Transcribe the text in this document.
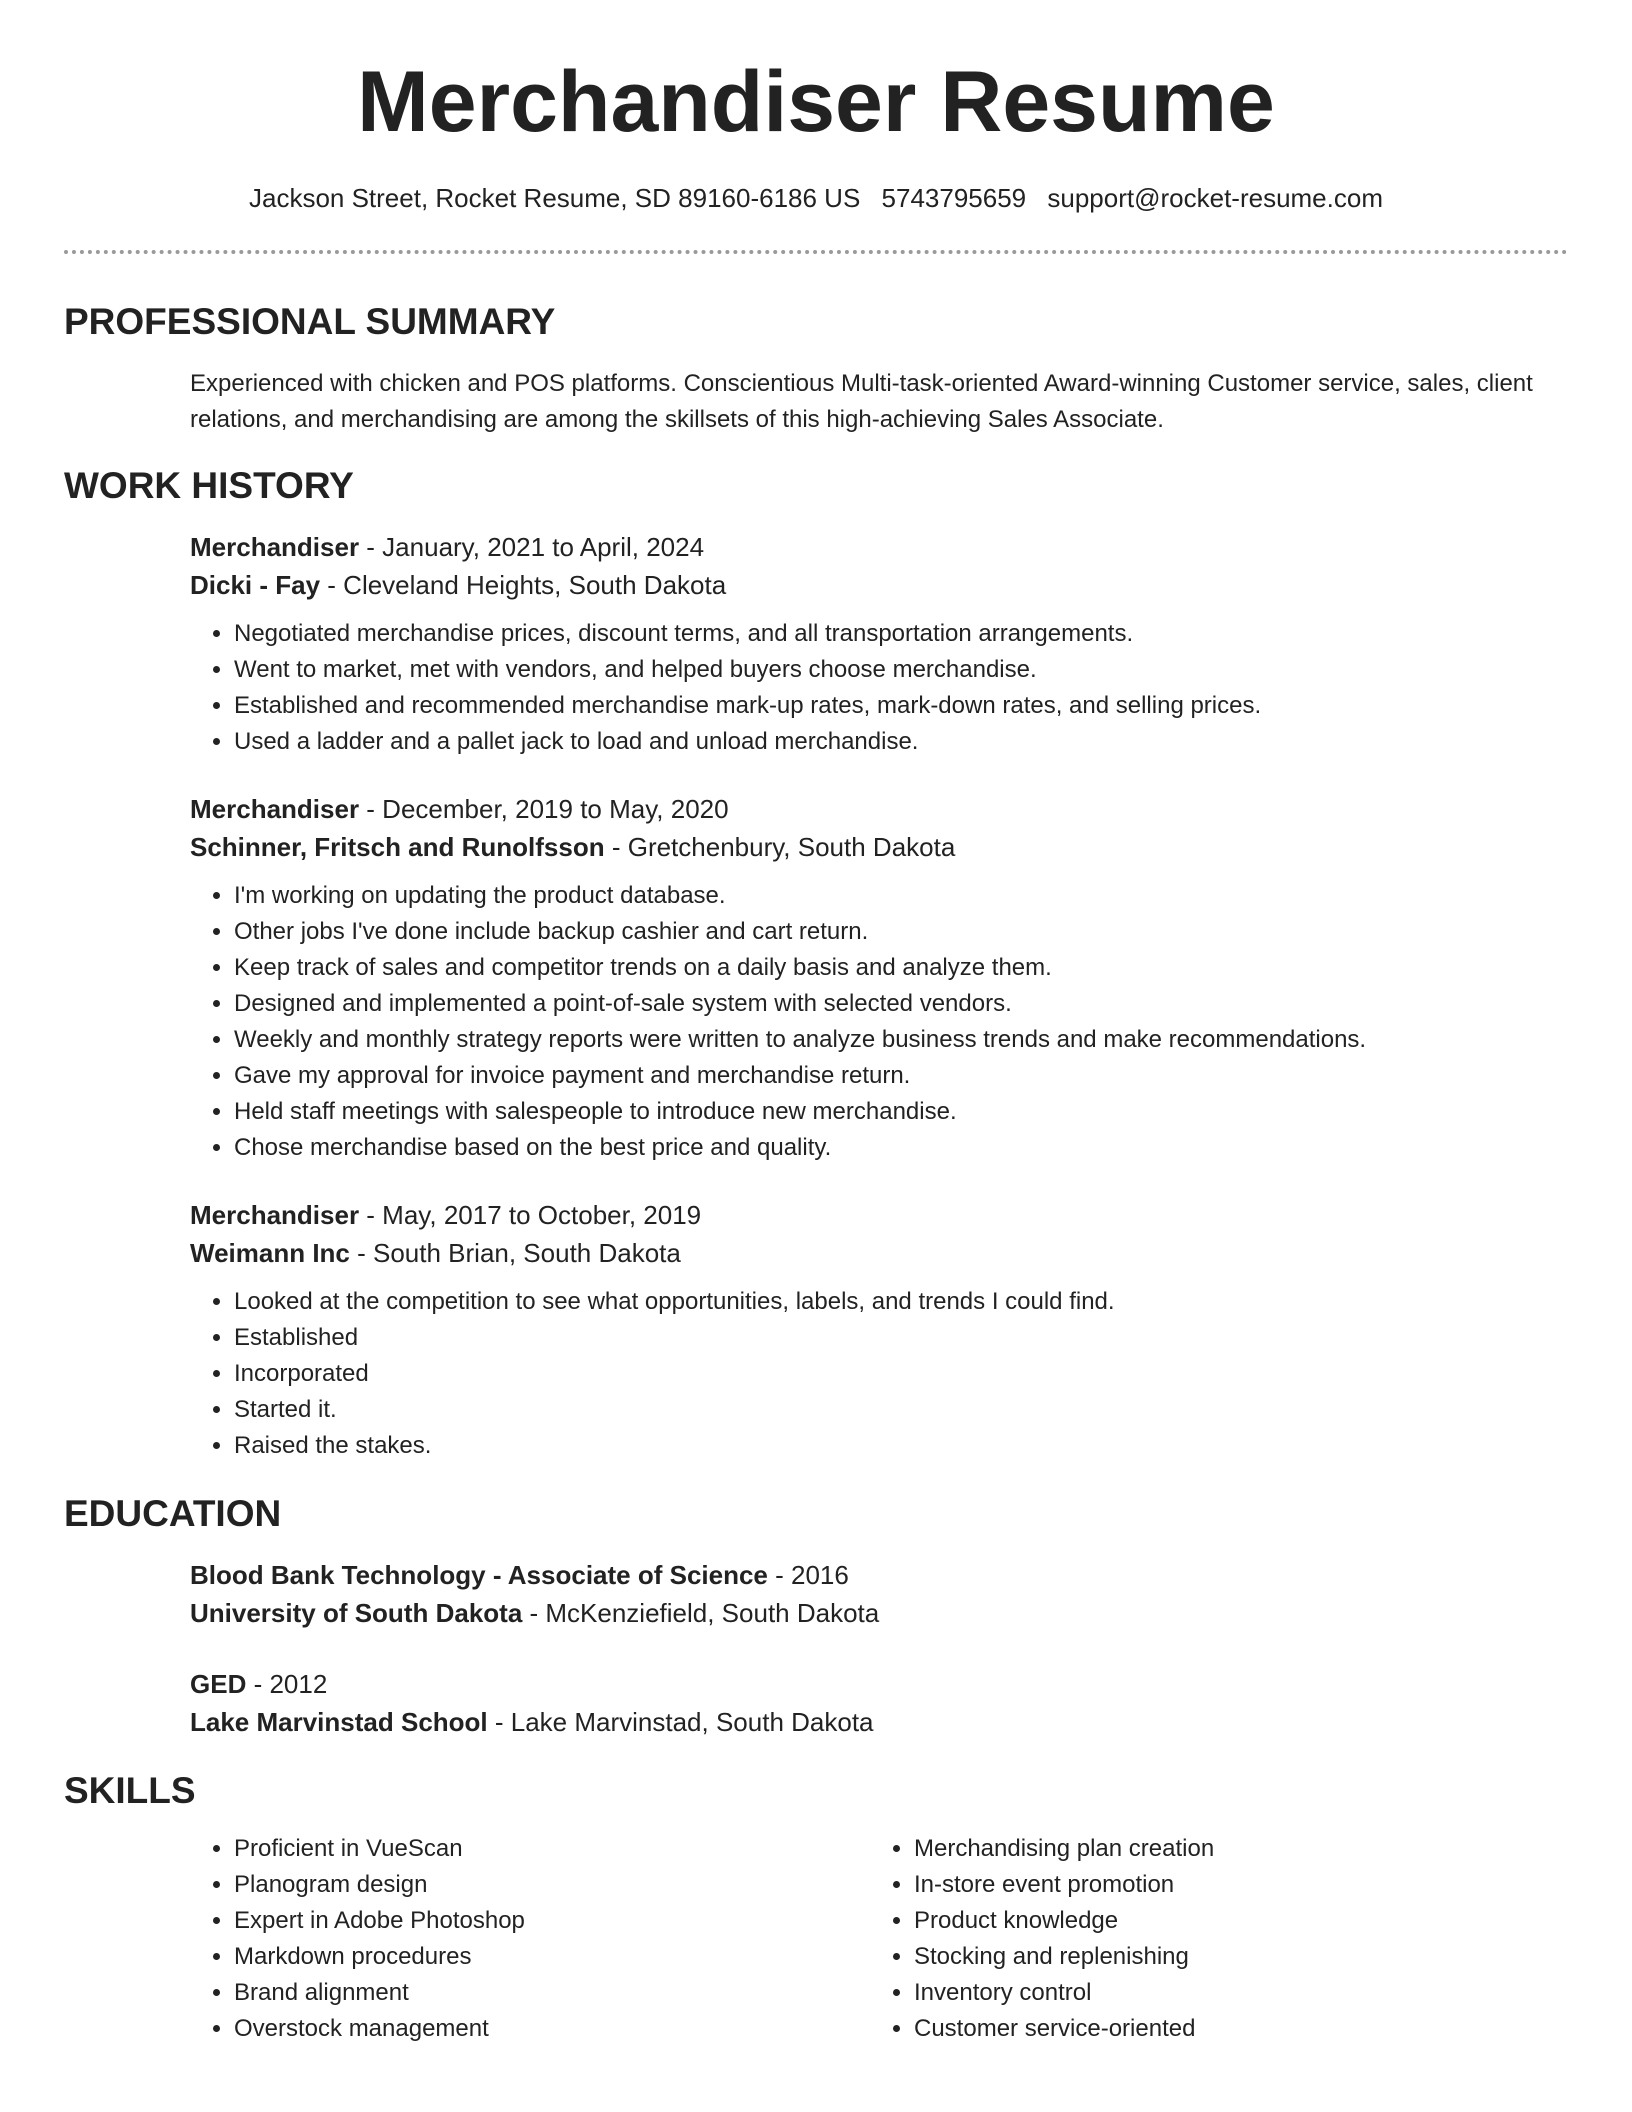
Merchandiser Resume
Jackson Street, Rocket Resume, SD 89160-6186 US 5743795659 support@rocket-resume.com
PROFESSIONAL SUMMARY

Experienced with chicken and POS platforms. Conscientious Multi-task-oriented Award-winning Customer service, sales, client relations, and merchandising are among the skillsets of this high-achieving Sales Associate.

WORK HISTORY

Merchandiser - January, 2021 to April, 2024

Dicki - Fay - Cleveland Heights, South Dakota

• Negotiated merchandise prices, discount terms, and all transportation arrangements.
• Went to market, met with vendors, and helped buyers choose merchandise.
• Established and recommended merchandise mark-up rates, mark-down rates, and selling prices.
• Used a ladder and a pallet jack to load and unload merchandise.

Merchandiser - December, 2019 to May, 2020

Schinner, Fritsch and Runolfsson - Gretchenbury, South Dakota

• I'm working on updating the product database.
• Other jobs I've done include backup cashier and cart return.
• Keep track of sales and competitor trends on a daily basis and analyze them.
• Designed and implemented a point-of-sale system with selected vendors.
• Weekly and monthly strategy reports were written to analyze business trends and make recommendations.
• Gave my approval for invoice payment and merchandise return.
• Held staff meetings with salespeople to introduce new merchandise.
• Chose merchandise based on the best price and quality.

Merchandiser - May, 2017 to October, 2019

Weimann Inc - South Brian, South Dakota

• Looked at the competition to see what opportunities, labels, and trends I could find.
• Established
• Incorporated
• Started it.
• Raised the stakes.
EDUCATION

Blood Bank Technology - Associate of Science - 2016

University of South Dakota - McKenziefield, South Dakota

GED - 2012

Lake Marvinstad School - Lake Marvinstad, South Dakota

SKILLS
• Proficient in VueScan
• Planogram design
• Expert in Adobe Photoshop
• Markdown procedures
• Brand alignment
• Overstock management
• Merchandising plan creation
• In-store event promotion
• Product knowledge
• Stocking and replenishing
• Inventory control
• Customer service-oriented
